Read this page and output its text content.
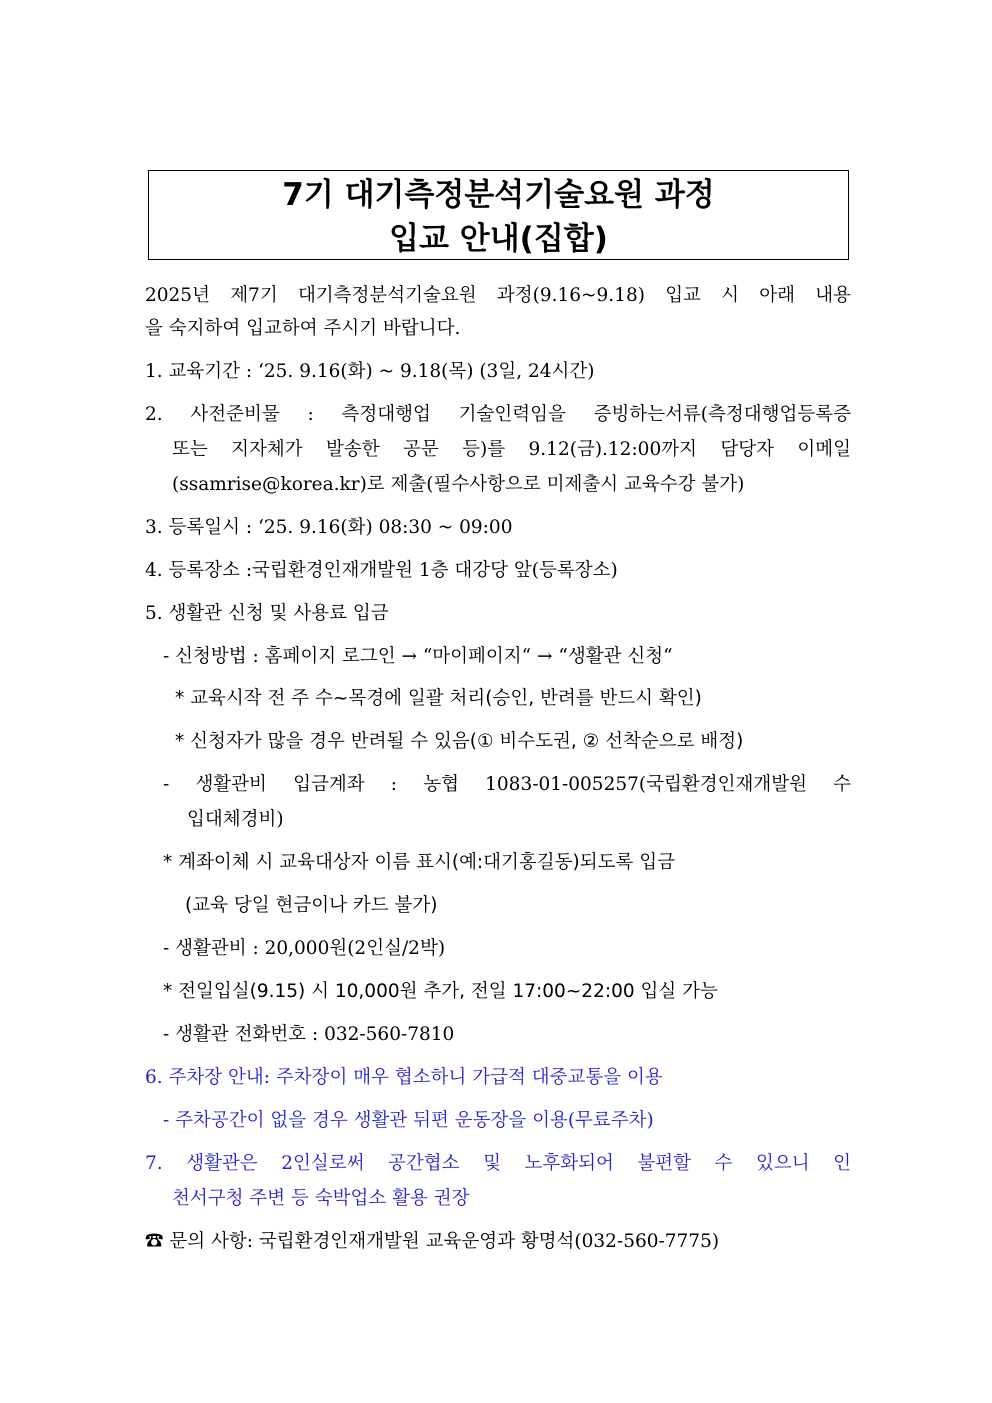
7기 대기측정분석기술요원 과정
입교 안내(집합)
2025년 제7기 대기측정분석기술요원 과정(9.16~9.18) 입교 시 아래 내용
을 숙지하여 입교하여 주시기 바랍니다.
1. 교육기간 : ‘25. 9.16(화) ~ 9.18(목) (3일, 24시간)
2. 사전준비물 : 측정대행업 기술인력임을 증빙하는서류(측정대행업등록증
또는 지자체가 발송한 공문 등)를 9.12(금).12:00까지 담당자 이메일
(ssamrise@korea.kr)로 제출(필수사항으로 미제출시 교육수강 불가)
3. 등록일시 : ‘25. 9.16(화) 08:30 ~ 09:00
4. 등록장소 :국립환경인재개발원 1층 대강당 앞(등록장소)
5. 생활관 신청 및 사용료 입금
- 신청방법 : 홈페이지 로그인 → “마이페이지“ → “생활관 신청“
* 교육시작 전 주 수~목경에 일괄 처리(승인, 반려를 반드시 확인)
* 신청자가 많을 경우 반려될 수 있음(① 비수도권, ② 선착순으로 배정)
- 생활관비 입금계좌 : 농협 1083-01-005257(국립환경인재개발원 수
입대체경비)
* 계좌이체 시 교육대상자 이름 표시(예:대기홍길동)되도록 입금
(교육 당일 현금이나 카드 불가)
- 생활관비 : 20,000원(2인실/2박)
* 전일입실(9.15) 시 10,000원 추가, 전일 17:00~22:00 입실 가능
- 생활관 전화번호 : 032-560-7810
6. 주차장 안내: 주차장이 매우 협소하니 가급적 대중교통을 이용
- 주차공간이 없을 경우 생활관 뒤편 운동장을 이용(무료주차)
7. 생활관은 2인실로써 공간협소 및 노후화되어 불편할 수 있으니 인
천서구청 주변 등 숙박업소 활용 권장
☎ 문의 사항: 국립환경인재개발원 교육운영과 황명석(032-560-7775)
